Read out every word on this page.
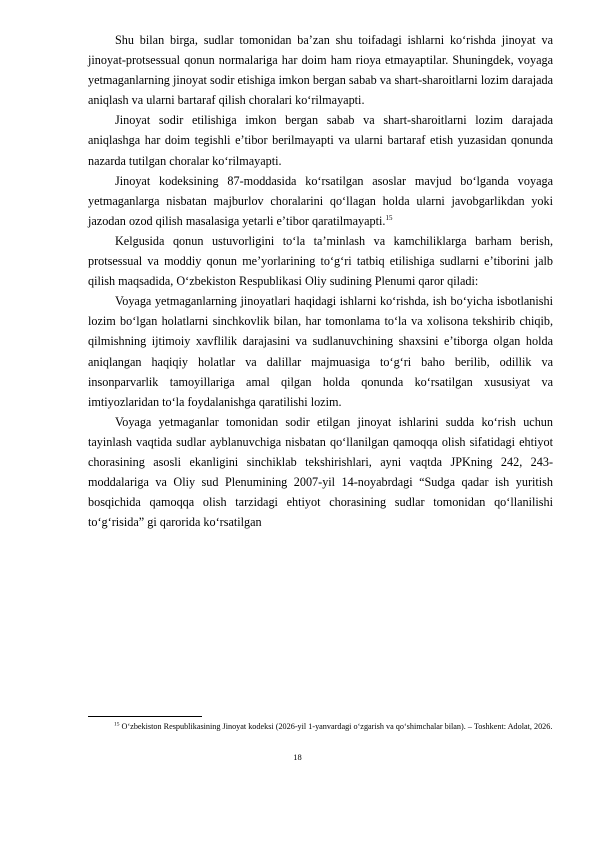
Shu bilan birga, sudlar tomonidan baʼzan shu toifadagi ishlarni koʻrishda jinoyat va jinoyat-protsessual qonun normalariga har doim ham rioya etmayaptilar. Shuningdek, voyaga yetmaganlarning jinoyat sodir etishiga imkon bergan sabab va shart-sharoitlarni lozim darajada aniqlash va ularni bartaraf qilish choralari koʻrilmayapti.

Jinoyat sodir etilishiga imkon bergan sabab va shart-sharoitlarni lozim darajada aniqlashga har doim tegishli eʼtibor berilmayapti va ularni bartaraf etish yuzasidan qonunda nazarda tutilgan choralar koʻrilmayapti.

Jinoyat kodeksining 87-moddasida koʻrsatilgan asoslar mavjud boʻlganda voyaga yetmaganlarga nisbatan majburlov choralarini qoʻllagan holda ularni javobgarlikdan yoki jazodan ozod qilish masalasiga yetarli eʼtibor qaratilmayapti.$^{15}$

Kelgusida qonun ustuvorligini toʻla taʼminlash va kamchiliklarga barham berish, protsessual va moddiy qonun meʼyorlarining toʻgʻri tatbiq etilishiga sudlarni eʼtiborini jalb qilish maqsadida, Oʻzbekiston Respublikasi Oliy sudining Plenumi qaror qiladi:

Voyaga yetmaganlarning jinoyatlari haqidagi ishlarni koʻrishda, ish boʻyicha isbotlanishi lozim boʻlgan holatlarni sinchkovlik bilan, har tomonlama toʻla va xolisona tekshirib chiqib, qilmishning ijtimoiy xavflilik darajasini va sudlanuvchining shaxsini eʼtiborga olgan holda aniqlangan haqiqiy holatlar va dalillar majmuasiga toʻgʻri baho berilib, odillik va insonparvarlik tamoyillariga amal qilgan holda qonunda koʻrsatilgan xususiyat va imtiyozlaridan toʻla foydalanishga qaratilishi lozim.

Voyaga yetmaganlar tomonidan sodir etilgan jinoyat ishlarini sudda koʻrish uchun tayinlash vaqtida sudlar ayblanuvchiga nisbatan qoʻllanilgan qamoqqa olish sifatidagi ehtiyot chorasining asosli ekanligini sinchiklab tekshirishlari, ayni vaqtda JPKning 242, 243-moddalariga va Oliy sud Plenumining 2007-yil 14-noyabrdagi “Sudga qadar ish yuritish bosqichida qamoqqa olish tarzidagi ehtiyot chorasining sudlar tomonidan qoʻllanilishi toʻgʻrisida” gi qarorida koʻrsatilgan

$^{15}$ Oʻzbekiston Respublikasining Jinoyat kodeksi (2026-yil 1-yanvardagi oʻzgarish va qoʻshimchalar bilan). – Toshkent: Adolat, 2026.

18
